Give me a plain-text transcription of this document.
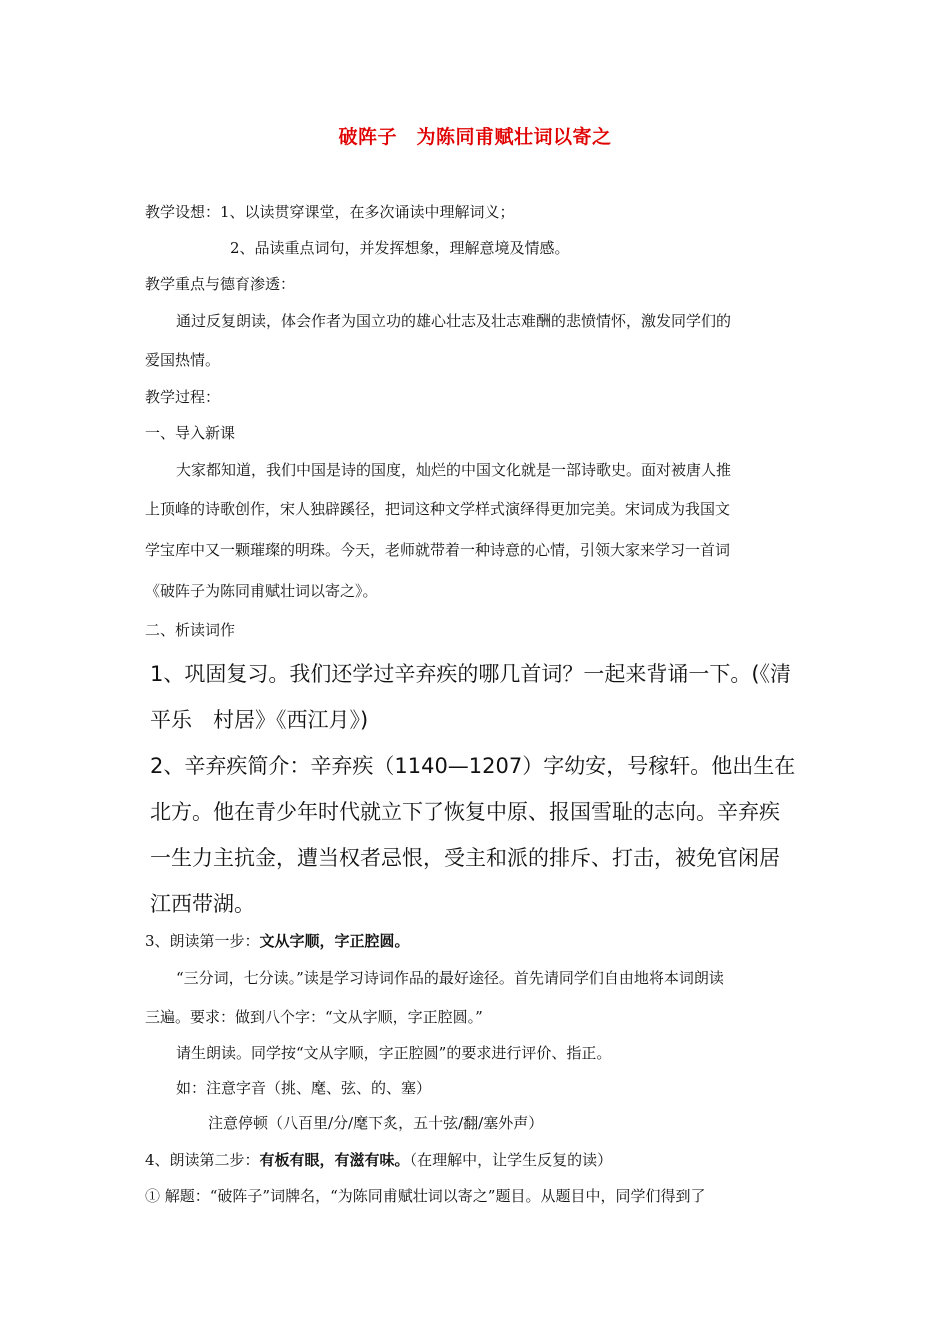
破阵子　为陈同甫赋壮词以寄之
教学设想：1、以读贯穿课堂，在多次诵读中理解词义；
2、品读重点词句，并发挥想象，理解意境及情感。
教学重点与德育渗透：
通过反复朗读，体会作者为国立功的雄心壮志及壮志难酬的悲愤情怀，激发同学们的
爱国热情。
教学过程：
一、导入新课
大家都知道，我们中国是诗的国度，灿烂的中国文化就是一部诗歌史。面对被唐人推
上顶峰的诗歌创作，宋人独辟蹊径，把词这种文学样式演绎得更加完美。宋词成为我国文
学宝库中又一颗璀璨的明珠。今天，老师就带着一种诗意的心情，引领大家来学习一首词
《破阵子为陈同甫赋壮词以寄之》。
二、析读词作
1、巩固复习。我们还学过辛弃疾的哪几首词？一起来背诵一下。(《清
平乐　村居》《西江月》)
2、辛弃疾简介：辛弃疾（1140—1207）字幼安，号稼轩。他出生在
北方。他在青少年时代就立下了恢复中原、报国雪耻的志向。辛弃疾
一生力主抗金，遭当权者忌恨，受主和派的排斥、打击，被免官闲居
江西带湖。
3、朗读第一步：文从字顺，字正腔圆。
“三分词，七分读。”读是学习诗词作品的最好途径。首先请同学们自由地将本词朗读
三遍。要求：做到八个字：“文从字顺，字正腔圆。”
请生朗读。同学按“文从字顺，字正腔圆”的要求进行评价、指正。
如：注意字音（挑、麾、弦、的、塞）
注意停顿（八百里/分/麾下炙，五十弦/翻/塞外声）
4、朗读第二步：有板有眼，有滋有味。（在理解中，让学生反复的读）
① 解题：“破阵子”词牌名，“为陈同甫赋壮词以寄之”题目。从题目中，同学们得到了
